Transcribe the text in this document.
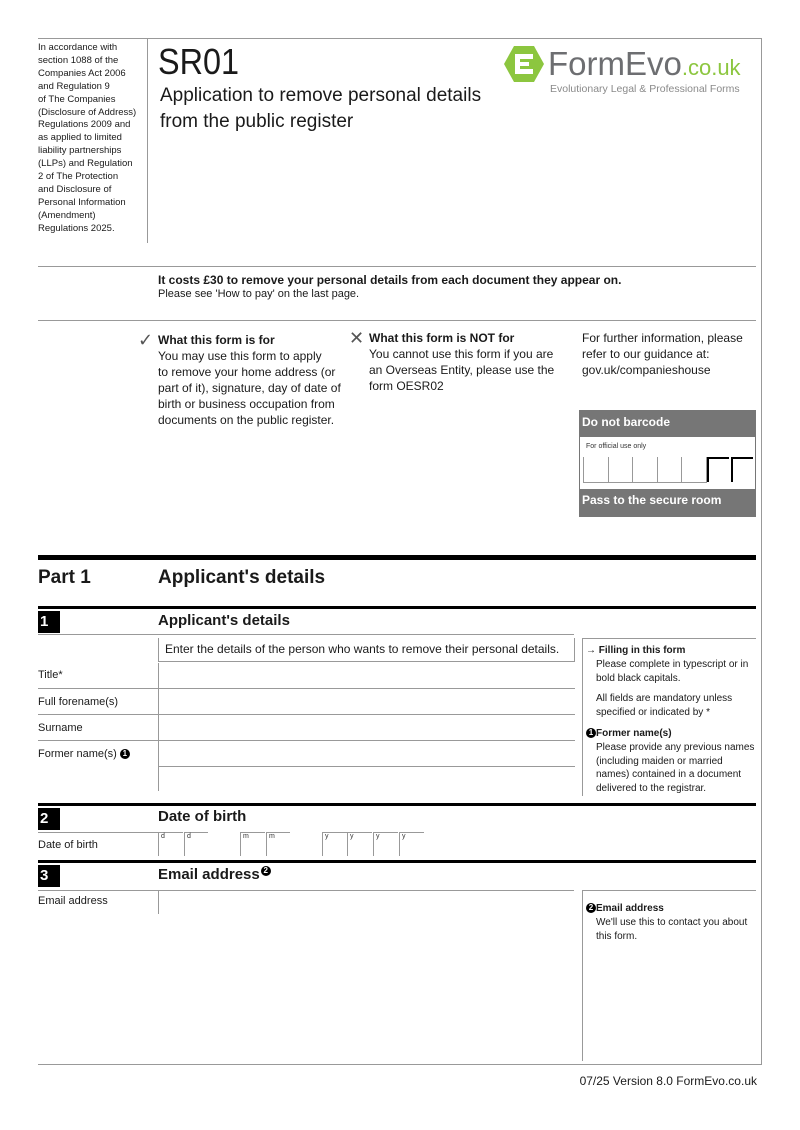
In accordance with
section 1088 of the
Companies Act 2006
and Regulation 9
of The Companies
(Disclosure of Address)
Regulations 2009 and
as applied to limited
liability partnerships
(LLPs) and Regulation
2 of The Protection
and Disclosure of
Personal Information
(Amendment)
Regulations 2025.
SR01
Application to remove personal details
from the public register
FormEvo.co.uk
Evolutionary Legal & Professional Forms
It costs £30 to remove your personal details from each document they appear on.
Please see 'How to pay' on the last page.
✓ What this form is for
You may use this form to apply
to remove your home address (or
part of it), signature, day of date of
birth or business occupation from
documents on the public register.
✕ What this form is NOT for
You cannot use this form if you are
an Overseas Entity, please use the
form OESR02
For further information, please
refer to our guidance at:
gov.uk/companieshouse
Do not barcode
For official use only
Pass to the secure room
Part 1	Applicant's details
1	Applicant's details
Enter the details of the person who wants to remove their personal details.
Title*
Full forename(s)
Surname
Former name(s) 1
→ Filling in this form
Please complete in typescript or in
bold black capitals.
All fields are mandatory unless
specified or indicated by *
1 Former name(s)
Please provide any previous names
(including maiden or married
names) contained in a document
delivered to the registrar.
2	Date of birth
Date of birth
d	d	m	m	y	y	y	y
3	Email address 2
Email address
2 Email address
We'll use this to contact you about
this form.
07/25 Version 8.0 FormEvo.co.uk
